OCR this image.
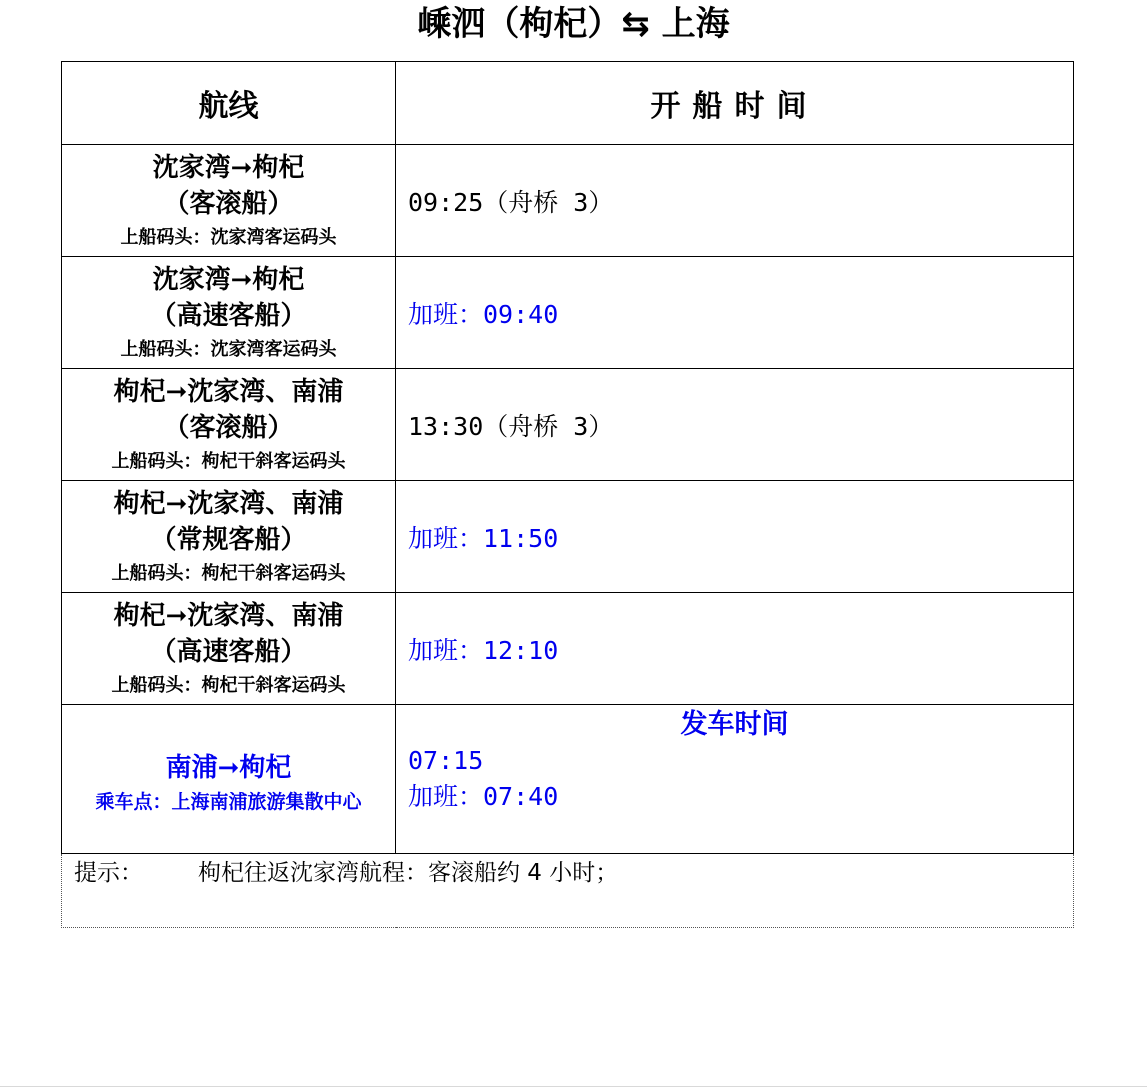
嵊泗（枸杞）⇆ 上海
航线	开船时间

沈家湾➞枸杞
（客滚船）
上船码头：沈家湾客运码头	09:25（舟桥 3）

沈家湾➞枸杞
（高速客船）
上船码头：沈家湾客运码头	加班：09:40

枸杞➞沈家湾、南浦
（客滚船）
上船码头：枸杞干斜客运码头	13:30（舟桥 3）

枸杞➞沈家湾、南浦
（常规客船）
上船码头：枸杞干斜客运码头	加班：11:50

枸杞➞沈家湾、南浦
（高速客船）
上船码头：枸杞干斜客运码头	加班：12:10

南浦➞枸杞
乘车点：上海南浦旅游集散中心	发车时间
07:15
加班：07:40

提示： 枸杞往返沈家湾航程：客滚船约 4 小时；	
